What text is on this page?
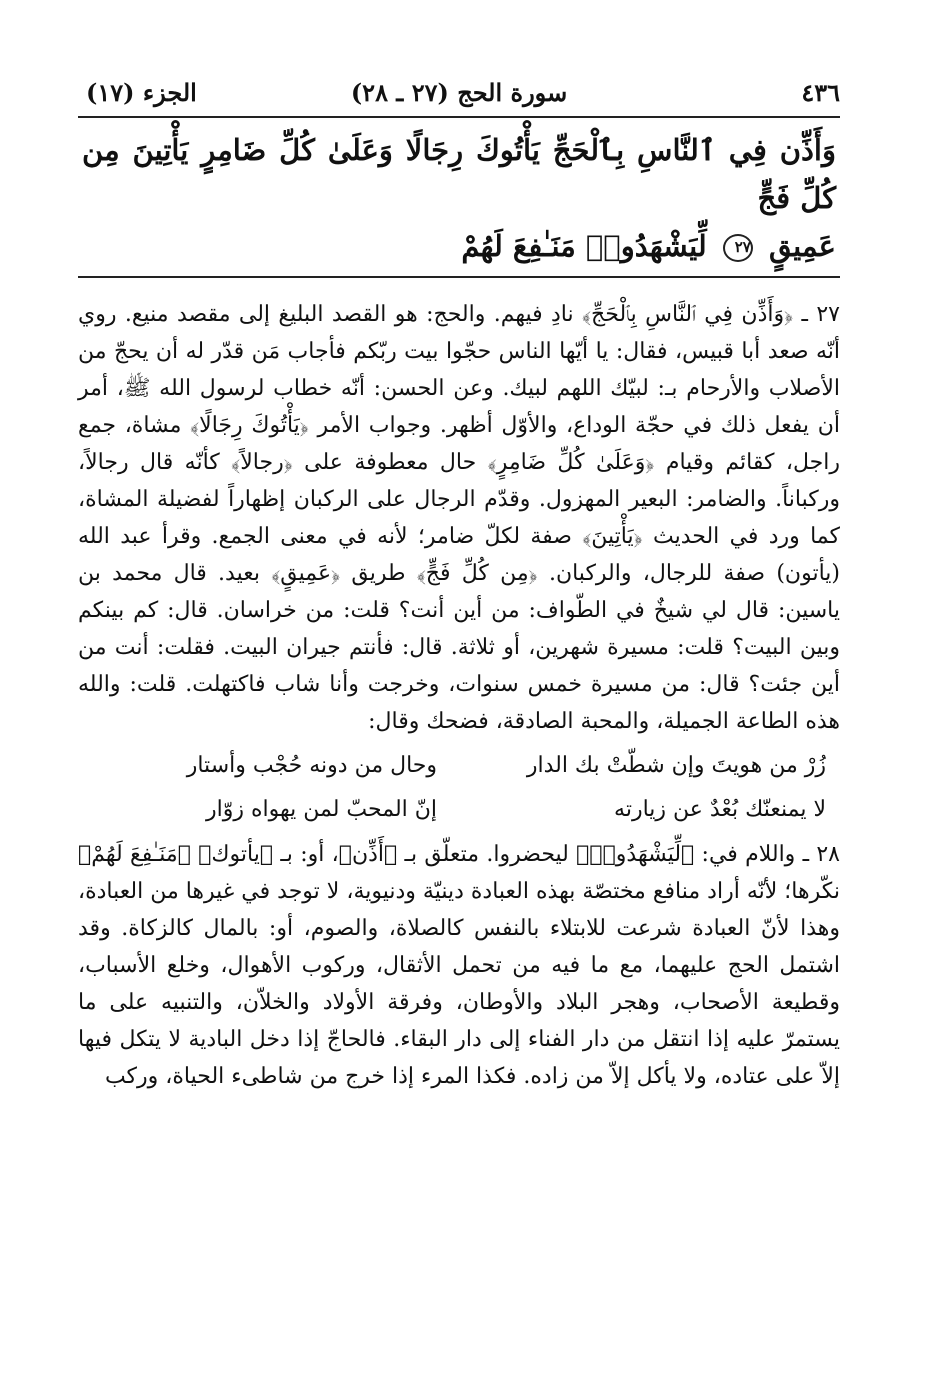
٤٣٦
سورة الحج (٢٧ ـ ٢٨)
الجزء (١٧)
وَأَذِّن فِي ٱلنَّاسِ بِٱلْحَجِّ يَأْتُوكَ رِجَالًا وَعَلَىٰ كُلِّ ضَامِرٍ يَأْتِينَ مِن كُلِّ فَجٍّ
عَمِيقٍ ٢٧ لِّيَشْهَدُوا۟ مَنَـٰفِعَ لَهُمْ

٢٧ ـ ﴿وَأَذِّن فِي ٱلنَّاسِ بِٱلْحَجِّ﴾ نادِ فيهم. والحج: هو القصد البليغ إلى مقصد منيع. روي أنّه صعد أبا قبيس، فقال: يا أيّها الناس حجّوا بيت ربّكم فأجاب مَن قدّر له أن يحجّ من الأصلاب والأرحام بـ: لبيّك اللهم لبيك. وعن الحسن: أنّه خطاب لرسول الله ﷺ، أمر أن يفعل ذلك في حجّة الوداع، والأوّل أظهر. وجواب الأمر ﴿يَأْتُوكَ رِجَالًا﴾ مشاة، جمع راجل، كقائم وقيام ﴿وَعَلَىٰ كُلِّ ضَامِرٍ﴾ حال معطوفة على ﴿رجالاً﴾ كأنّه قال رجالاً، وركباناً. والضامر: البعير المهزول. وقدّم الرجال على الركبان إظهاراً لفضيلة المشاة، كما ورد في الحديث ﴿يَأْتِينَ﴾ صفة لكلّ ضامر؛ لأنه في معنى الجمع. وقرأ عبد الله (يأتون) صفة للرجال، والركبان. ﴿مِن كُلِّ فَجٍّ﴾ طريق ﴿عَمِيقٍ﴾ بعيد. قال محمد بن ياسين: قال لي شيخٌ في الطّواف: من أين أنت؟ قلت: من خراسان. قال: كم بينكم وبين البيت؟ قلت: مسيرة شهرين، أو ثلاثة. قال: فأنتم جيران البيت. فقلت: أنت من أين جئت؟ قال: من مسيرة خمس سنوات، وخرجت وأنا شاب فاكتهلت. قلت: والله هذه الطاعة الجميلة، والمحبة الصادقة، فضحك وقال:

زُرْ من هويتَ وإن شطّتْ بك الدار
وحال من دونه حُجْب وأستار
لا يمنعنّك بُعْدٌ عن زيارته
إنّ المحبّ لمن يهواه زوّار

٢٨ ـ واللام في: ﴿لِّيَشْهَدُوا۟﴾ ليحضروا. متعلّق بـ ﴿أَذِّن﴾، أو: بـ ﴿يأتوك﴾ ﴿مَنَـٰفِعَ لَهُمْ﴾ نكّرها؛ لأنّه أراد منافع مختصّة بهذه العبادة دينيّة ودنيوية، لا توجد في غيرها من العبادة، وهذا لأنّ العبادة شرعت للابتلاء بالنفس كالصلاة، والصوم، أو: بالمال كالزكاة. وقد اشتمل الحج عليهما، مع ما فيه من تحمل الأثقال، وركوب الأهوال، وخلع الأسباب، وقطيعة الأصحاب، وهجر البلاد والأوطان، وفرقة الأولاد والخلاّن، والتنبيه على ما يستمرّ عليه إذا انتقل من دار الفناء إلى دار البقاء. فالحاجّ إذا دخل البادية لا يتكل فيها إلاّ على عتاده، ولا يأكل إلاّ من زاده. فكذا المرء إذا خرج من شاطىء الحياة، وركب
